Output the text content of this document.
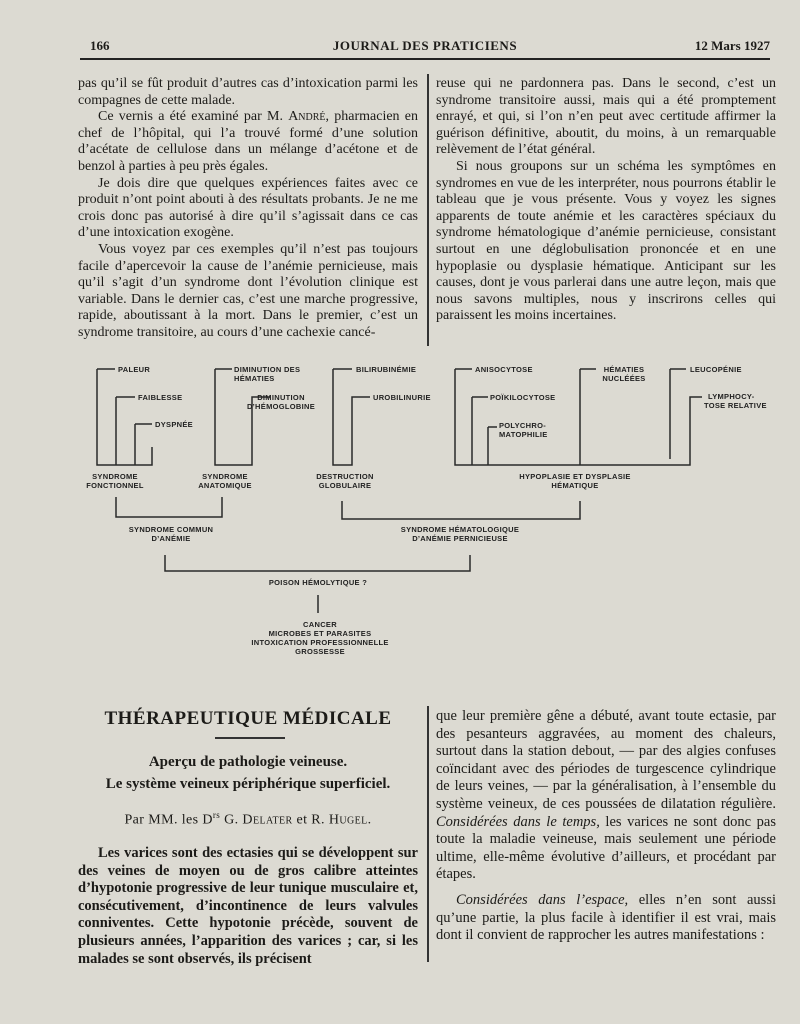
166	JOURNAL DES PRATICIENS	12 Mars 1927

pas qu’il se fût produit d’autres cas d’intoxication parmi les compagnes de cette malade.

Ce vernis a été examiné par M. André, pharmacien en chef de l’hôpital, qui l’a trouvé formé d’une solution d’acétate de cellulose dans un mélange d’acétone et de benzol à parties à peu près égales.

Je dois dire que quelques expériences faites avec ce produit n’ont point abouti à des résultats probants. Je ne me crois donc pas autorisé à dire qu’il s’agissait dans ce cas d’une intoxication exogène.

Vous voyez par ces exemples qu’il n’est pas toujours facile d’apercevoir la cause de l’anémie pernicieuse, mais qu’il s’agit d’un syndrome dont l’évolution clinique est variable. Dans le dernier cas, c’est une marche progressive, rapide, aboutissant à la mort. Dans le premier, c’est un syndrome transitoire, au cours d’une cachexie cancé-

reuse qui ne pardonnera pas. Dans le second, c’est un syndrome transitoire aussi, mais qui a été promptement enrayé, et qui, si l’on n’en peut avec certitude affirmer la guérison définitive, aboutit, du moins, à un remarquable relèvement de l’état général.

Si nous groupons sur un schéma les symptômes en syndromes en vue de les interpréter, nous pourrons établir le tableau que je vous présente. Vous y voyez les signes apparents de toute anémie et les caractères spéciaux du syndrome hématologique d’anémie pernicieuse, consistant surtout en une déglobulisation prononcée et en une hypoplasie ou dysplasie hématique. Anticipant sur les causes, dont je vous parlerai dans une autre leçon, mais que nous savons multiples, nous y inscrirons celles qui paraissent les moins incertaines.

PALEUR
FAIBLESSE
DYSPNÉE
SYNDROME
FONCTIONNEL
DIMINUTION DES
HÉMATIES
DIMINUTION
D’HÉMOGLOBINE
SYNDROME
ANATOMIQUE
BILIRUBINÉMIE
UROBILINURIE
DESTRUCTION
GLOBULAIRE
ANISOCYTOSE
POÏKILOCYTOSE
POLYCHRO-
MATOPHILIE
HÉMATIES
NUCLÉÉES
LEUCOPÉNIE
LYMPHOCY-
TOSE RELATIVE
HYPOPLASIE ET DYSPLASIE
HÉMATIQUE
SYNDROME COMMUN
D’ANÉMIE
SYNDROME HÉMATOLOGIQUE
D’ANÉMIE PERNICIEUSE
POISON HÉMOLYTIQUE ?
CANCER
MICROBES ET PARASITES
INTOXICATION PROFESSIONNELLE
GROSSESSE
THÉRAPEUTIQUE MÉDICALE
Aperçu de pathologie veineuse.
Le système veineux périphérique superficiel.
Par MM. les $D^{rs}$ G. Delater et R. Hugel.

Les varices sont des ectasies qui se développent sur des veines de moyen ou de gros calibre atteintes d’hypotonie progressive de leur tunique musculaire et, consécutivement, d’incontinence de leurs valvules conniventes. Cette hypotonie précède, souvent de plusieurs années, l’apparition des varices ; car, si les malades se sont observés, ils précisent

que leur première gêne a débuté, avant toute ectasie, par des pesanteurs aggravées, au moment des chaleurs, surtout dans la station debout, — par des algies confuses coïncidant avec des périodes de turgescence cylindrique de leurs veines, — par la généralisation, à l’ensemble du système veineux, de ces poussées de dilatation régulière. Considérées dans le temps, les varices ne sont donc pas toute la maladie veineuse, mais seulement une période ultime, elle-même évolutive d’ailleurs, et procédant par étapes.

Considérées dans l’espace, elles n’en sont aussi qu’une partie, la plus facile à identifier il est vrai, mais dont il convient de rapprocher les autres manifestations :
